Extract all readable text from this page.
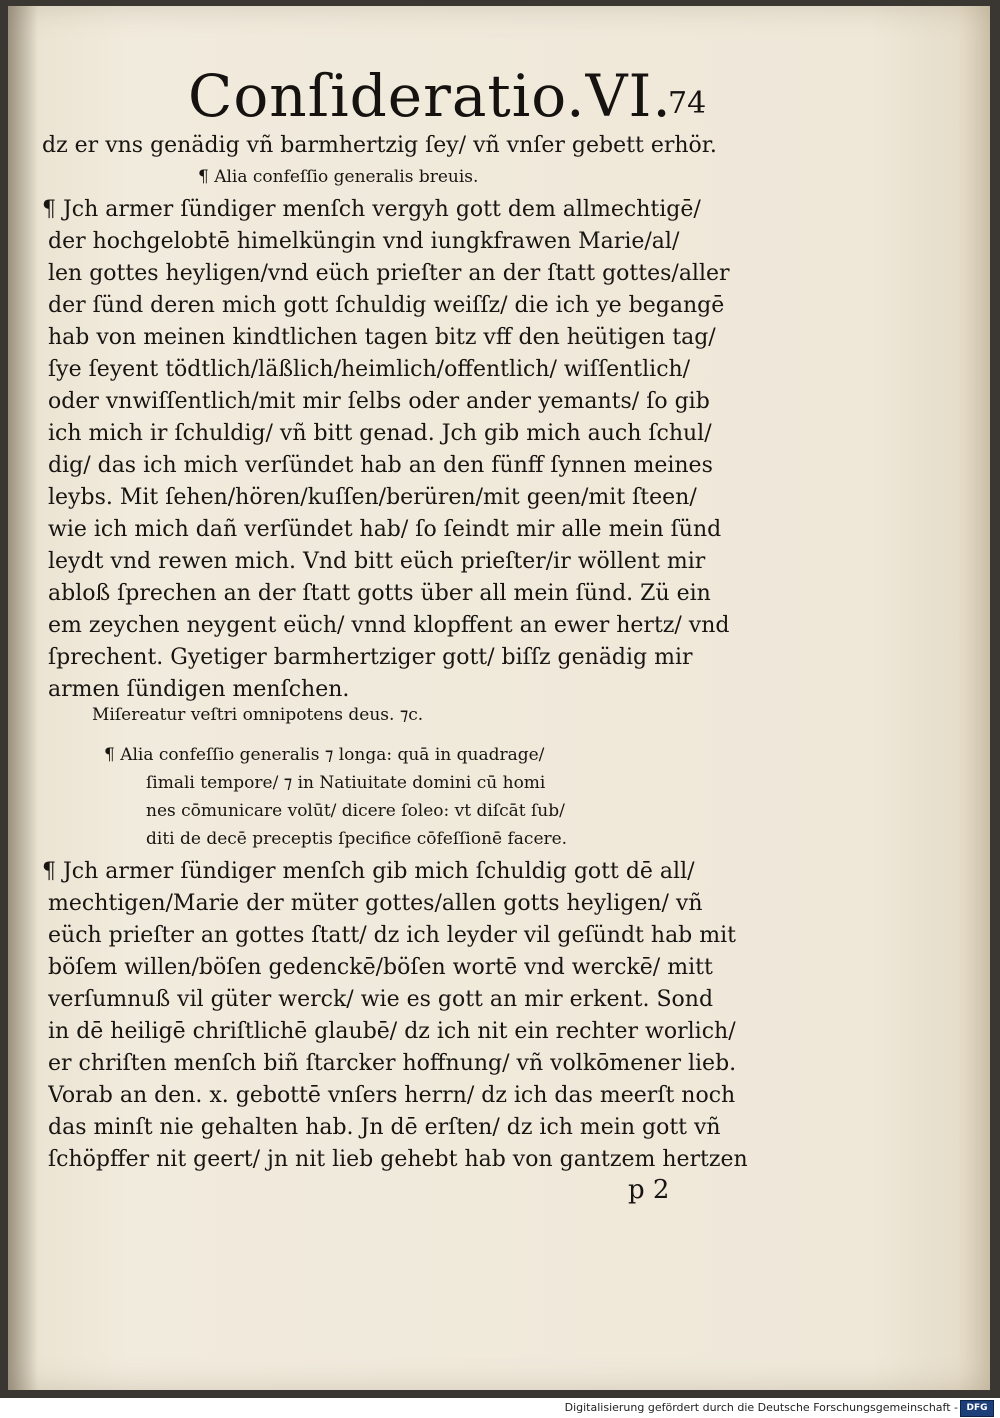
Conſideratio.VI.
74
dz er vns genädig vñ barmhertzig ſey/ vñ vnſer gebett erhör.
¶ Alia confeſſio generalis breuis.
¶ Jch armer ſündiger menſch vergyh gott dem allmechtigē/
der hochgelobtē himelküngin vnd iungkfrawen Marie/al/
len gottes heyligen/vnd eüch prieſter an der ſtatt gottes/aller
der ſünd deren mich gott ſchuldig weiſſz/ die ich ye begangē
hab von meinen kindtlichen tagen bitz vff den heütigen tag/
ſye ſeyent tödtlich/läßlich/heimlich/offentlich/ wiſſentlich/
oder vnwiſſentlich/mit mir ſelbs oder ander yemants/ ſo gib
ich mich ir ſchuldig/ vñ bitt genad. Jch gib mich auch ſchul/
dig/ das ich mich verſündet hab an den fünff ſynnen meines
leybs. Mit ſehen/hören/kuſſen/berüren/mit geen/mit ſteen/
wie ich mich dañ verſündet hab/ ſo ſeindt mir alle mein ſünd
leydt vnd rewen mich. Vnd bitt eüch prieſter/ir wöllent mir
abloß ſprechen an der ſtatt gotts über all mein ſünd. Zü ein
em zeychen neygent eüch/ vnnd klopffent an ewer hertz/ vnd
ſprechent. Gyetiger barmhertziger gott/ biſſz genädig mir
armen ſündigen menſchen.
Miſereatur veſtri omnipotens deus. ⁊c.
¶ Alia confeſſio generalis ⁊ longa: quā in quadrage/
ſimali tempore/ ⁊ in Natiuitate domini cū homi
nes cōmunicare volūt/ dicere ſoleo: vt diſcāt ſub/
diti de decē preceptis ſpecifice cōfeſſionē facere.
¶ Jch armer ſündiger menſch gib mich ſchuldig gott dē all/
mechtigen/Marie der müter gottes/allen gotts heyligen/ vñ
eüch prieſter an gottes ſtatt/ dz ich leyder vil geſündt hab mit
böſem willen/böſen gedenckē/böſen wortē vnd werckē/ mitt
verſumnuß vil güter werck/ wie es gott an mir erkent. Sond
in dē heiligē chriſtlichē glaubē/ dz ich nit ein rechter worlich/
er chriſten menſch biñ ſtarcker hoffnung/ vñ volkōmener lieb.
Vorab an den. x. gebottē vnſers herrn/ dz ich das meerſt noch
das minſt nie gehalten hab. Jn dē erſten/ dz ich mein gott vñ
ſchöpffer nit geert/ jn nit lieb gehebt hab von gantzem hertzen
p 2
Digitalisierung gefördert durch die Deutsche Forschungsgemeinschaft - DFG
